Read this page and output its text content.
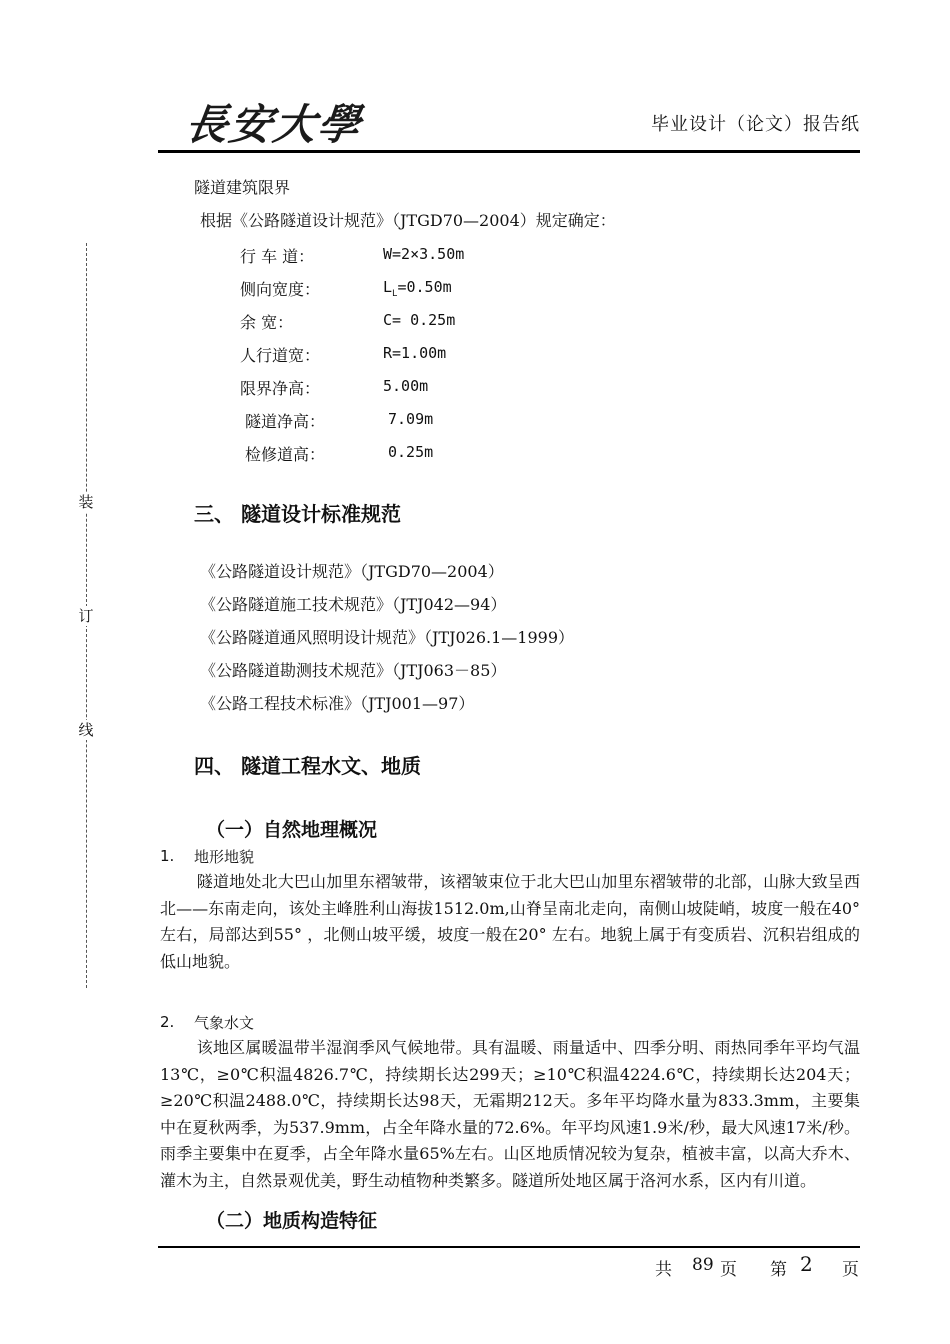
長安大學	毕业设计（论文）报告纸
装
订
线
隧道建筑限界
根据《公路隧道设计规范》（JTGD70—2004）规定确定：
行 车 道：	W=2×3.50m
侧向宽度：	$L_L=0.50m$
余 宽：	C= 0.25m
人行道宽：	R=1.00m
限界净高：	5.00m
隧道净高：	7.09m
检修道高：	0.25m
三、 隧道设计标准规范
《公路隧道设计规范》（JTGD70—2004）
《公路隧道施工技术规范》（JTJ042—94）
《公路隧道通风照明设计规范》（JTJ026.1—1999）
《公路隧道勘测技术规范》（JTJ063－85）
《公路工程技术标准》（JTJ001—97）
四、 隧道工程水文、地质
（一）自然地理概况
1. 地形地貌
隧道地处北大巴山加里东褶皱带，该褶皱束位于北大巴山加里东褶皱带的北部，山脉大致呈西北——东南走向，该处主峰胜利山海拔1512.0m,山脊呈南北走向，南侧山坡陡峭，坡度一般在40° 左右，局部达到55° ，北侧山坡平缓，坡度一般在20° 左右。地貌上属于有变质岩、沉积岩组成的低山地貌。
2. 气象水文
该地区属暖温带半湿润季风气候地带。具有温暖、雨量适中、四季分明、雨热同季年平均气温13℃，≥0℃积温4826.7℃，持续期长达299天；≥10℃积温4224.6℃，持续期长达204天；≥20℃积温2488.0℃，持续期长达98天，无霜期212天。多年平均降水量为833.3mm，主要集中在夏秋两季，为537.9mm，占全年降水量的72.6%。年平均风速1.9米/秒，最大风速17米/秒。雨季主要集中在夏季，占全年降水量65%左右。山区地质情况较为复杂，植被丰富，以高大乔木、灌木为主，自然景观优美，野生动植物种类繁多。隧道所处地区属于洛河水系，区内有川道。
（二）地质构造特征
共 89 页 第 2 页
